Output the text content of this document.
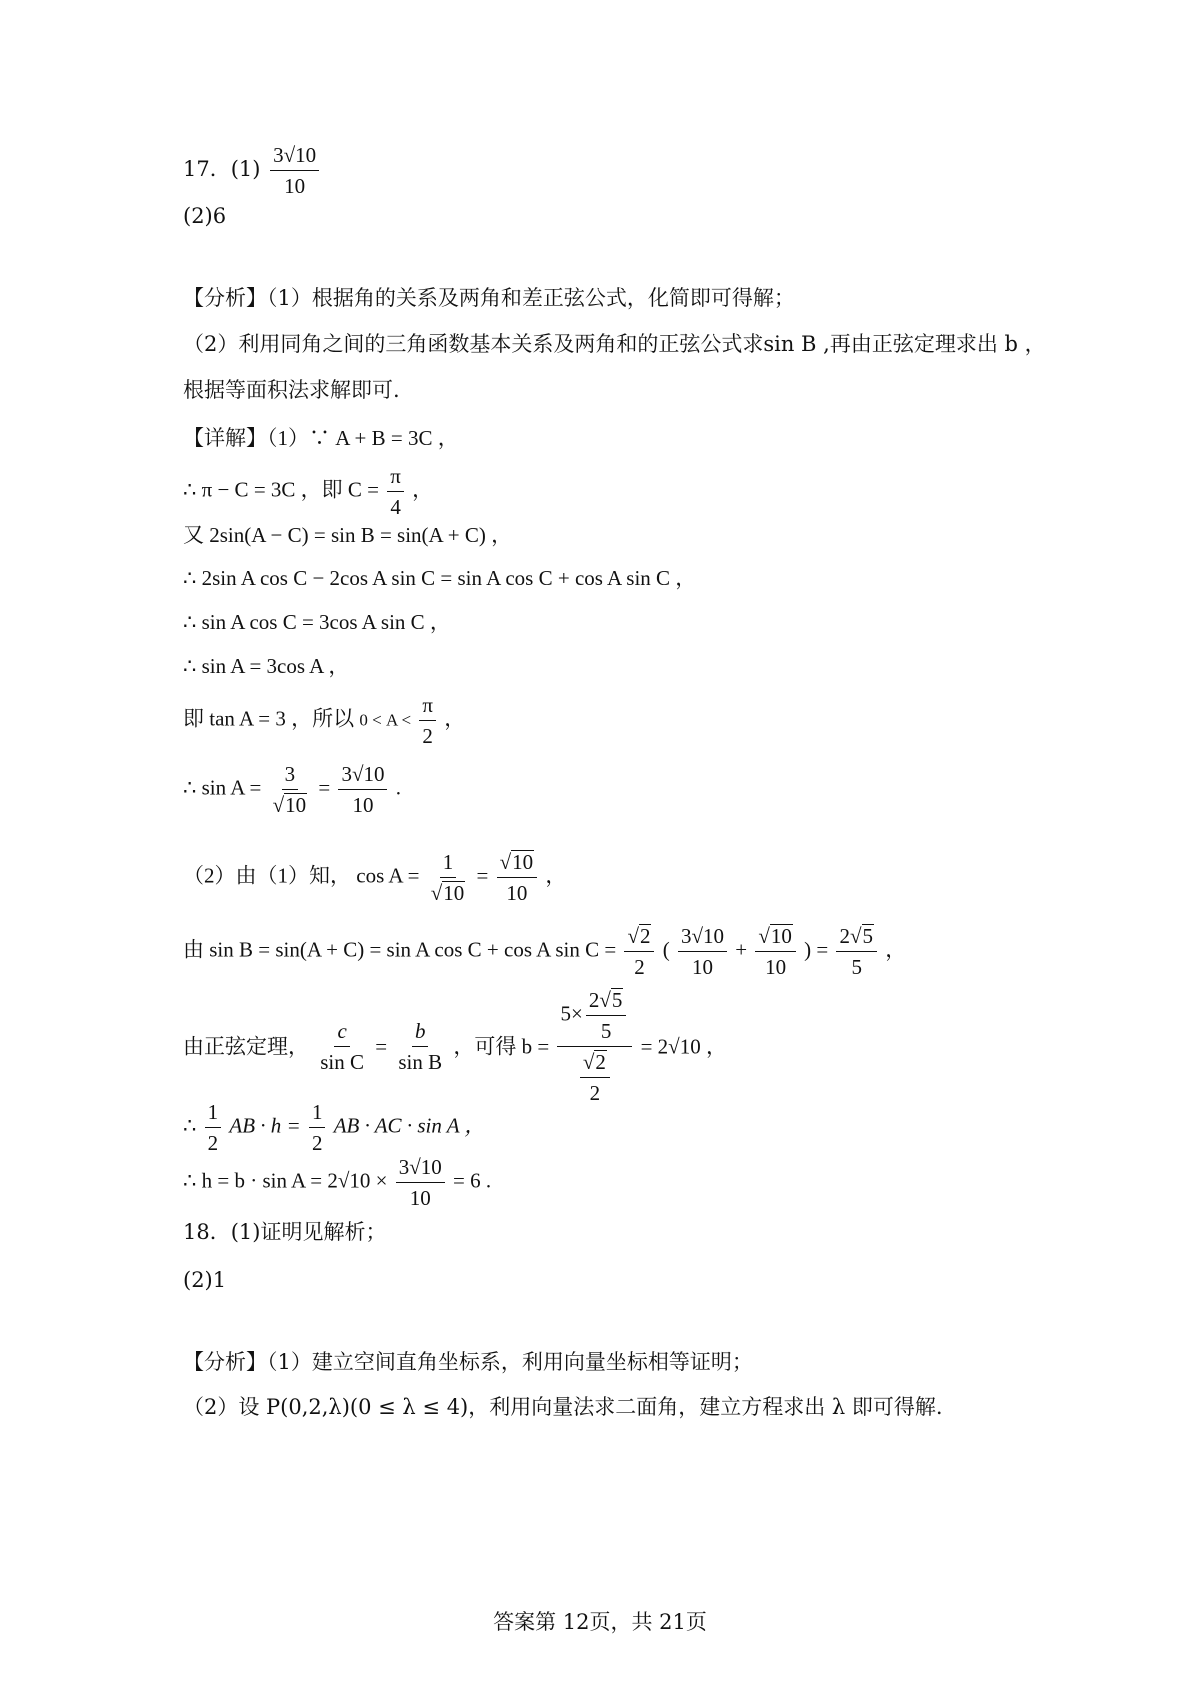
17．$(1) \frac{3√10}{10}$
(2)6
【分析】（1）根据角的关系及两角和差正弦公式，化简即可得解；
（2）利用同角之间的三角函数基本关系及两角和的正弦公式求sin B ,再由正弦定理求出 b ，
根据等面积法求解即可.
【详解】（1）∵ A + B = 3C ，
∴ π − C = 3C ，即 $C = \frac{\pi}{4}$ ，
又 2sin(A − C) = sin B = sin(A + C) ，
∴ 2sin A cos C − 2cos A sin C = sin A cos C + cos A sin C ，
∴ sin A cos C = 3cos A sin C ，
∴ sin A = 3cos A ，
即 tan A = 3 ，所以 $0 < A < \frac{\pi}{2}$ ，
∴ $\sin A = \frac{3}{√10} = \frac{3√10}{10}$ .
（2）由（1）知， $\cos A = \frac{1}{√10} = \frac{√10}{10}$ ，
由 sin B = sin(A + C) = sin A cos C + cos A $\sin C = \frac{√2}{2}$ ( $\frac{3√10}{10} + \frac{√10}{10}$ ) = $\frac{2√5}{5}$ ，
由正弦定理， $\frac{c}{\text{sin C}} = \frac{b}{\text{sin B}}$ ，可得 $b = \frac{5\times \frac{2√5}{5}}{\frac{√2}{2}} = 2√10$ ，
∴ $\frac{1}{2}$ AB · $h = \frac{1}{2}$ AB · AC · sin A ，
∴ $h = b \cdot \sin A = 2√10 \times \frac{3√10}{10} = 6$ .
18．(1)证明见解析；
(2)1
【分析】（1）建立空间直角坐标系，利用向量坐标相等证明；
（2）设 P(0,2,λ)(0 ≤ λ ≤ 4)，利用向量法求二面角，建立方程求出 λ 即可得解.
答案第 12页，共 21页
